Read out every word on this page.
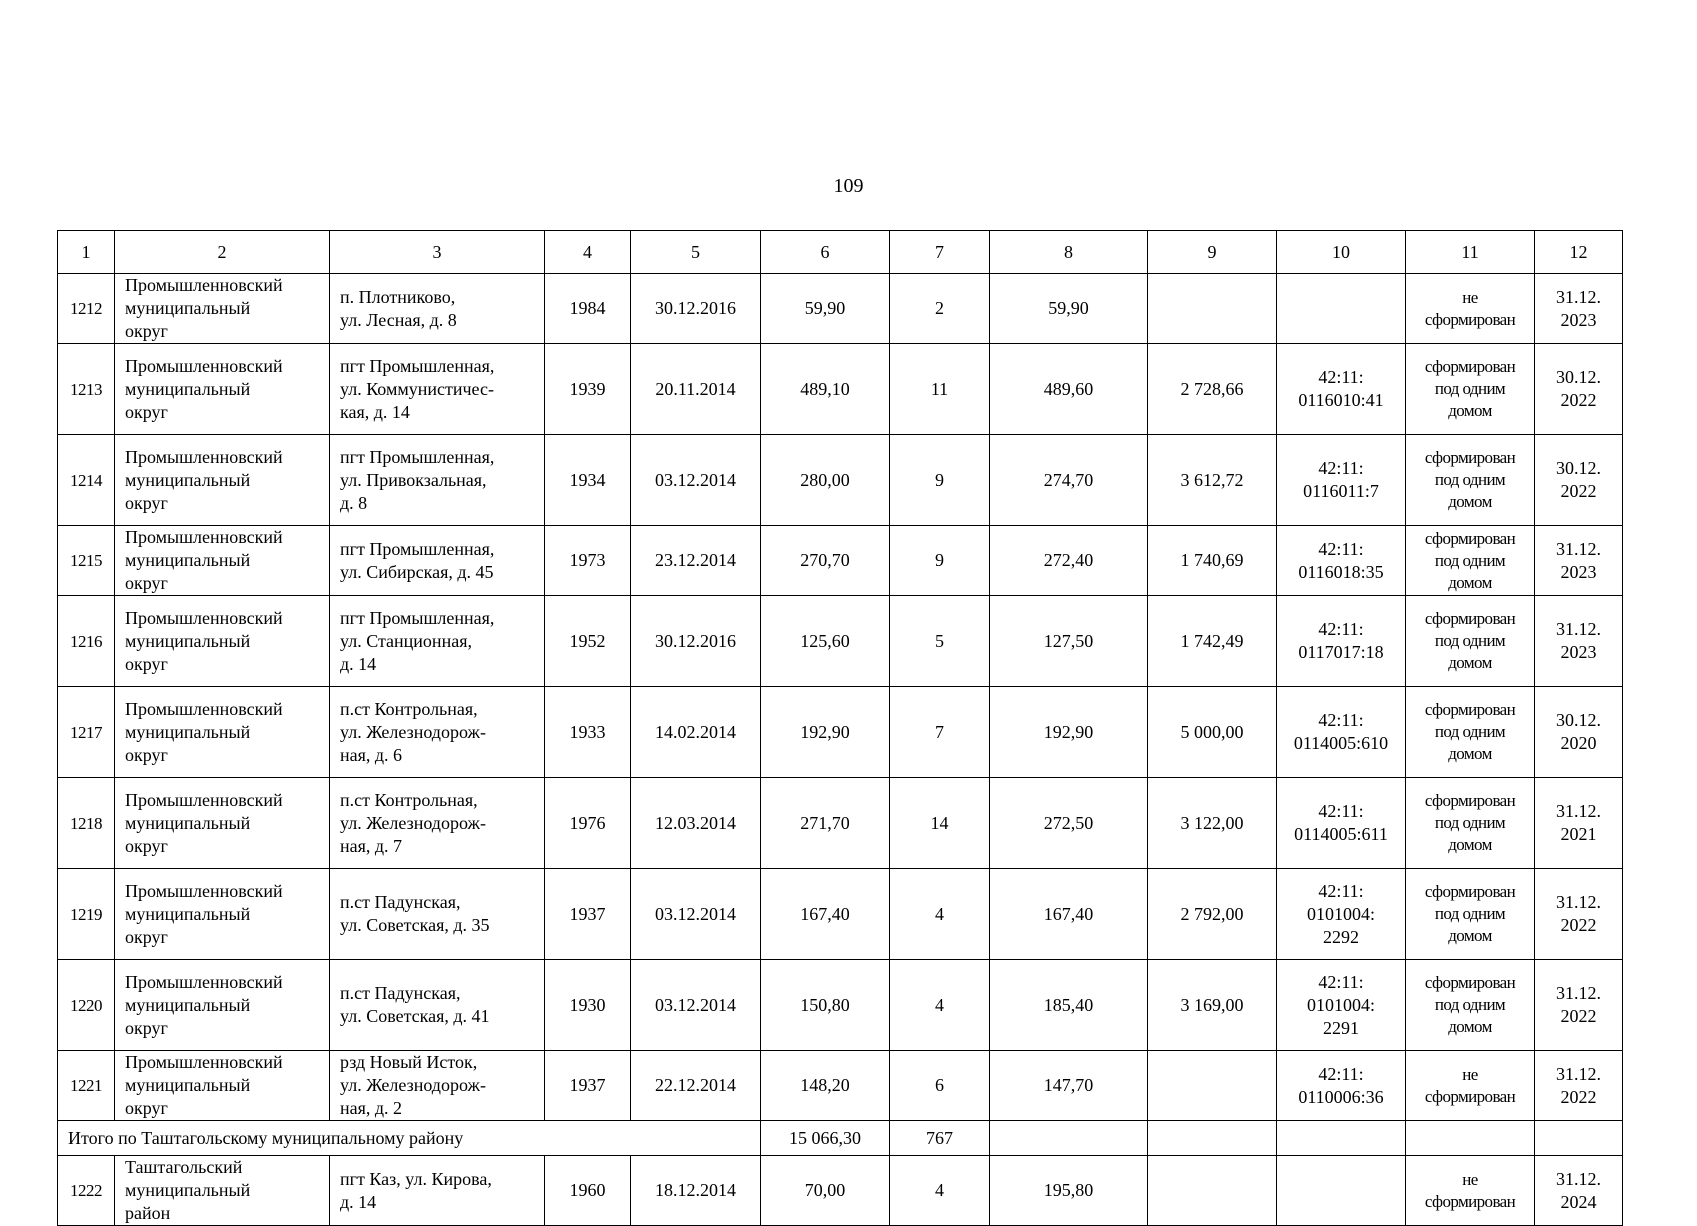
109
1	2	3	4	5	6	7	8	9	10	11	12
1212	Промышленновский
муниципальный
округ	п. Плотниково,
ул. Лесная, д. 8	1984	30.12.2016	59,90	2	59,90			не
сформирован	31.12.
2023
1213	Промышленновский
муниципальный
округ	пгт Промышленная,
ул. Коммунистичес-
кая, д. 14	1939	20.11.2014	489,10	11	489,60	2 728,66	42:11:
0116010:41	сформирован
под одним
домом	30.12.
2022
1214	Промышленновский
муниципальный
округ	пгт Промышленная,
ул. Привокзальная,
д. 8	1934	03.12.2014	280,00	9	274,70	3 612,72	42:11:
0116011:7	сформирован
под одним
домом	30.12.
2022
1215	Промышленновский
муниципальный
округ	пгт Промышленная,
ул. Сибирская, д. 45	1973	23.12.2014	270,70	9	272,40	1 740,69	42:11:
0116018:35	сформирован
под одним
домом	31.12.
2023
1216	Промышленновский
муниципальный
округ	пгт Промышленная,
ул. Станционная,
д. 14	1952	30.12.2016	125,60	5	127,50	1 742,49	42:11:
0117017:18	сформирован
под одним
домом	31.12.
2023
1217	Промышленновский
муниципальный
округ	п.ст Контрольная,
ул. Железнодорож-
ная, д. 6	1933	14.02.2014	192,90	7	192,90	5 000,00	42:11:
0114005:610	сформирован
под одним
домом	30.12.
2020
1218	Промышленновский
муниципальный
округ	п.ст Контрольная,
ул. Железнодорож-
ная, д. 7	1976	12.03.2014	271,70	14	272,50	3 122,00	42:11:
0114005:611	сформирован
под одним
домом	31.12.
2021
1219	Промышленновский
муниципальный
округ	п.ст Падунская,
ул. Советская, д. 35	1937	03.12.2014	167,40	4	167,40	2 792,00	42:11:
0101004:
2292	сформирован
под одним
домом	31.12.
2022
1220	Промышленновский
муниципальный
округ	п.ст Падунская,
ул. Советская, д. 41	1930	03.12.2014	150,80	4	185,40	3 169,00	42:11:
0101004:
2291	сформирован
под одним
домом	31.12.
2022
1221	Промышленновский
муниципальный
округ	рзд Новый Исток,
ул. Железнодорож-
ная, д. 2	1937	22.12.2014	148,20	6	147,70		42:11:
0110006:36	не
сформирован	31.12.
2022
Итого по Таштагольскому муниципальному району					15 066,30	767					
1222	Таштагольский
муниципальный
район	пгт Каз, ул. Кирова,
д. 14	1960	18.12.2014	70,00	4	195,80			не
сформирован	31.12.
2024
